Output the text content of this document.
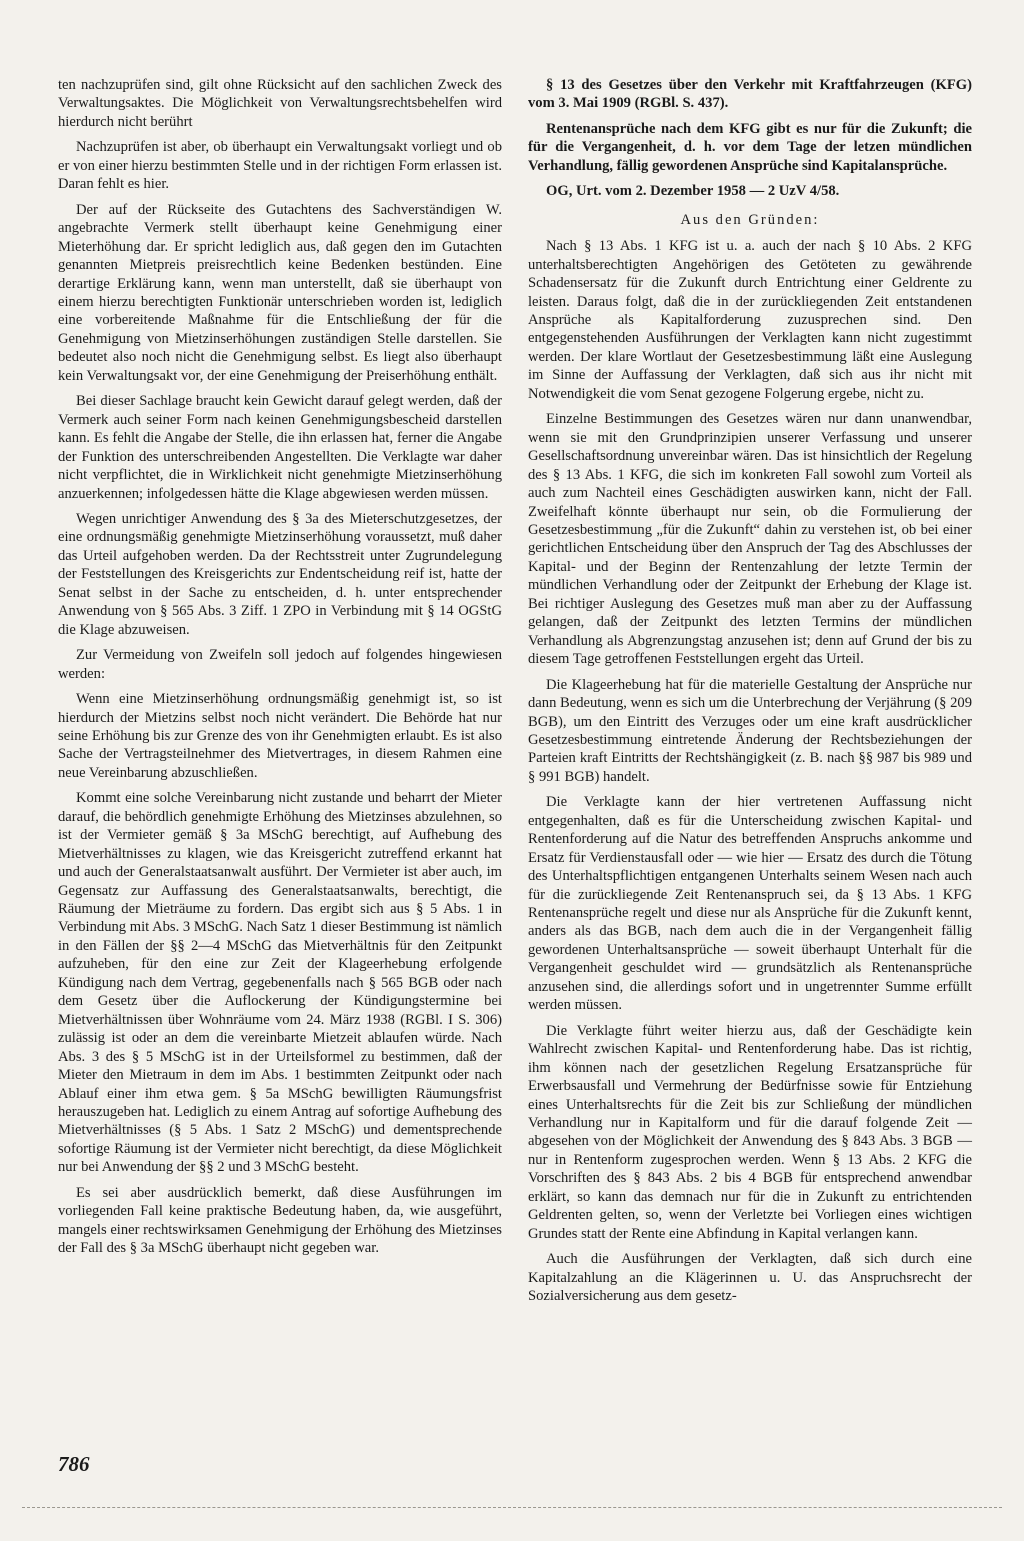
ten nachzuprüfen sind, gilt ohne Rücksicht auf den sachlichen Zweck des Verwaltungsaktes. Die Möglichkeit von Verwaltungsrechtsbehelfen wird hierdurch nicht berührt

Nachzuprüfen ist aber, ob überhaupt ein Verwaltungsakt vorliegt und ob er von einer hierzu bestimmten Stelle und in der richtigen Form erlassen ist. Daran fehlt es hier.

Der auf der Rückseite des Gutachtens des Sachverständigen W. angebrachte Vermerk stellt überhaupt keine Genehmigung einer Mieterhöhung dar. Er spricht lediglich aus, daß gegen den im Gutachten genannten Mietpreis preisrechtlich keine Bedenken bestünden. Eine derartige Erklärung kann, wenn man unterstellt, daß sie überhaupt von einem hierzu berechtigten Funktionär unterschrieben worden ist, lediglich eine vorbereitende Maßnahme für die Entschließung der für die Genehmigung von Mietzinserhöhungen zuständigen Stelle darstellen. Sie bedeutet also noch nicht die Genehmigung selbst. Es liegt also überhaupt kein Verwaltungsakt vor, der eine Genehmigung der Preiserhöhung enthält.

Bei dieser Sachlage braucht kein Gewicht darauf gelegt werden, daß der Vermerk auch seiner Form nach keinen Genehmigungsbescheid darstellen kann. Es fehlt die Angabe der Stelle, die ihn erlassen hat, ferner die Angabe der Funktion des unterschreibenden Angestellten. Die Verklagte war daher nicht verpflichtet, die in Wirklichkeit nicht genehmigte Mietzinserhöhung anzuerkennen; infolgedessen hätte die Klage abgewiesen werden müssen.

Wegen unrichtiger Anwendung des § 3a des Mieterschutzgesetzes, der eine ordnungsmäßig genehmigte Mietzinserhöhung voraussetzt, muß daher das Urteil aufgehoben werden. Da der Rechtsstreit unter Zugrundelegung der Feststellungen des Kreisgerichts zur Endentscheidung reif ist, hatte der Senat selbst in der Sache zu entscheiden, d. h. unter entsprechender Anwendung von § 565 Abs. 3 Ziff. 1 ZPO in Verbindung mit § 14 OGStG die Klage abzuweisen.

Zur Vermeidung von Zweifeln soll jedoch auf folgendes hingewiesen werden:

Wenn eine Mietzinserhöhung ordnungsmäßig genehmigt ist, so ist hierdurch der Mietzins selbst noch nicht verändert. Die Behörde hat nur seine Erhöhung bis zur Grenze des von ihr Genehmigten erlaubt. Es ist also Sache der Vertragsteilnehmer des Mietvertrages, in diesem Rahmen eine neue Vereinbarung abzuschließen.

Kommt eine solche Vereinbarung nicht zustande und beharrt der Mieter darauf, die behördlich genehmigte Erhöhung des Mietzinses abzulehnen, so ist der Vermieter gemäß § 3a MSchG berechtigt, auf Aufhebung des Mietverhältnisses zu klagen, wie das Kreisgericht zutreffend erkannt hat und auch der Generalstaatsanwalt ausführt. Der Vermieter ist aber auch, im Gegensatz zur Auffassung des Generalstaatsanwalts, berechtigt, die Räumung der Mieträume zu fordern. Das ergibt sich aus § 5 Abs. 1 in Verbindung mit Abs. 3 MSchG. Nach Satz 1 dieser Bestimmung ist nämlich in den Fällen der §§ 2—4 MSchG das Mietverhältnis für den Zeitpunkt aufzuheben, für den eine zur Zeit der Klageerhebung erfolgende Kündigung nach dem Vertrag, gegebenenfalls nach § 565 BGB oder nach dem Gesetz über die Auflockerung der Kündigungstermine bei Mietverhältnissen über Wohnräume vom 24. März 1938 (RGBl. I S. 306) zulässig ist oder an dem die vereinbarte Mietzeit ablaufen würde. Nach Abs. 3 des § 5 MSchG ist in der Urteilsformel zu bestimmen, daß der Mieter den Mietraum in dem im Abs. 1 bestimmten Zeitpunkt oder nach Ablauf einer ihm etwa gem. § 5a MSchG bewilligten Räumungsfrist herauszugeben hat. Lediglich zu einem Antrag auf sofortige Aufhebung des Mietverhältnisses (§ 5 Abs. 1 Satz 2 MSchG) und dementsprechende sofortige Räumung ist der Vermieter nicht berechtigt, da diese Möglichkeit nur bei Anwendung der §§ 2 und 3 MSchG besteht.

Es sei aber ausdrücklich bemerkt, daß diese Ausführungen im vorliegenden Fall keine praktische Bedeutung haben, da, wie ausgeführt, mangels einer rechtswirksamen Genehmigung der Erhöhung des Mietzinses der Fall des § 3a MSchG überhaupt nicht gegeben war.

§ 13 des Gesetzes über den Verkehr mit Kraftfahrzeugen (KFG) vom 3. Mai 1909 (RGBl. S. 437).

Rentenansprüche nach dem KFG gibt es nur für die Zukunft; die für die Vergangenheit, d. h. vor dem Tage der letzen mündlichen Verhandlung, fällig gewordenen Ansprüche sind Kapitalansprüche.

OG, Urt. vom 2. Dezember 1958 — 2 UzV 4/58.

Aus den Gründen:

Nach § 13 Abs. 1 KFG ist u. a. auch der nach § 10 Abs. 2 KFG unterhaltsberechtigten Angehörigen des Getöteten zu gewährende Schadensersatz für die Zukunft durch Entrichtung einer Geldrente zu leisten. Daraus folgt, daß die in der zurückliegenden Zeit entstandenen Ansprüche als Kapitalforderung zuzusprechen sind. Den entgegenstehenden Ausführungen der Verklagten kann nicht zugestimmt werden. Der klare Wortlaut der Gesetzesbestimmung läßt eine Auslegung im Sinne der Auffassung der Verklagten, daß sich aus ihr nicht mit Notwendigkeit die vom Senat gezogene Folgerung ergebe, nicht zu.

Einzelne Bestimmungen des Gesetzes wären nur dann unanwendbar, wenn sie mit den Grundprinzipien unserer Verfassung und unserer Gesellschaftsordnung unvereinbar wären. Das ist hinsichtlich der Regelung des § 13 Abs. 1 KFG, die sich im konkreten Fall sowohl zum Vorteil als auch zum Nachteil eines Geschädigten auswirken kann, nicht der Fall. Zweifelhaft könnte überhaupt nur sein, ob die Formulierung der Gesetzesbestimmung „für die Zukunft“ dahin zu verstehen ist, ob bei einer gerichtlichen Entscheidung über den Anspruch der Tag des Abschlusses der Kapital- und der Beginn der Rentenzahlung der letzte Termin der mündlichen Verhandlung oder der Zeitpunkt der Erhebung der Klage ist. Bei richtiger Auslegung des Gesetzes muß man aber zu der Auffassung gelangen, daß der Zeitpunkt des letzten Termins der mündlichen Verhandlung als Abgrenzungstag anzusehen ist; denn auf Grund der bis zu diesem Tage getroffenen Feststellungen ergeht das Urteil.

Die Klageerhebung hat für die materielle Gestaltung der Ansprüche nur dann Bedeutung, wenn es sich um die Unterbrechung der Verjährung (§ 209 BGB), um den Eintritt des Verzuges oder um eine kraft ausdrücklicher Gesetzesbestimmung eintretende Änderung der Rechtsbeziehungen der Parteien kraft Eintritts der Rechtshängigkeit (z. B. nach §§ 987 bis 989 und § 991 BGB) handelt.

Die Verklagte kann der hier vertretenen Auffassung nicht entgegenhalten, daß es für die Unterscheidung zwischen Kapital- und Rentenforderung auf die Natur des betreffenden Anspruchs ankomme und Ersatz für Verdienstausfall oder — wie hier — Ersatz des durch die Tötung des Unterhaltspflichtigen entgangenen Unterhalts seinem Wesen nach auch für die zurückliegende Zeit Rentenanspruch sei, da § 13 Abs. 1 KFG Rentenansprüche regelt und diese nur als Ansprüche für die Zukunft kennt, anders als das BGB, nach dem auch die in der Vergangenheit fällig gewordenen Unterhaltsansprüche — soweit überhaupt Unterhalt für die Vergangenheit geschuldet wird — grundsätzlich als Rentenansprüche anzusehen sind, die allerdings sofort und in ungetrennter Summe erfüllt werden müssen.

Die Verklagte führt weiter hierzu aus, daß der Geschädigte kein Wahlrecht zwischen Kapital- und Rentenforderung habe. Das ist richtig, ihm können nach der gesetzlichen Regelung Ersatzansprüche für Erwerbsausfall und Vermehrung der Bedürfnisse sowie für Entziehung eines Unterhaltsrechts für die Zeit bis zur Schließung der mündlichen Verhandlung nur in Kapitalform und für die darauf folgende Zeit — abgesehen von der Möglichkeit der Anwendung des § 843 Abs. 3 BGB — nur in Rentenform zugesprochen werden. Wenn § 13 Abs. 2 KFG die Vorschriften des § 843 Abs. 2 bis 4 BGB für entsprechend anwendbar erklärt, so kann das demnach nur für die in Zukunft zu entrichtenden Geldrenten gelten, so, wenn der Verletzte bei Vorliegen eines wichtigen Grundes statt der Rente eine Abfindung in Kapital verlangen kann.

Auch die Ausführungen der Verklagten, daß sich durch eine Kapitalzahlung an die Klägerinnen u. U. das Anspruchsrecht der Sozialversicherung aus dem gesetz-

786
